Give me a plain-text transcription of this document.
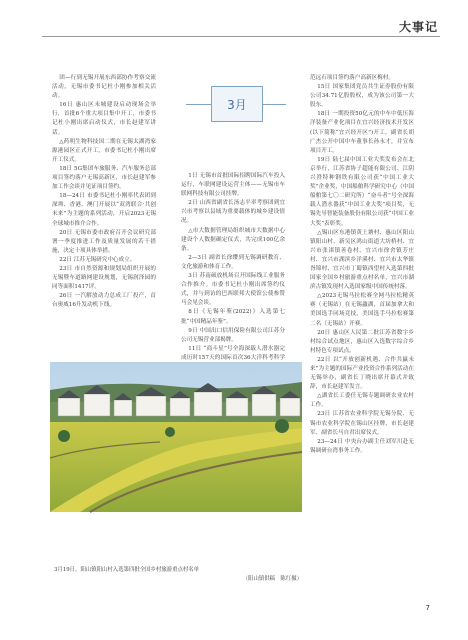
大事记

团—行到无锡开展东西部协作考察交流活动，无锡市委书记杜小刚参加相关活动。

16日 惠山区未城建设启动现场会举行，首批6个重大项目集中开工，市委书记杜小刚出席启动仪式，市长赵建军讲话。

△药明生物科技国二期在无锡太湖湾家源港园区正式开工，市委书记杜小刚出席开工仪式。

18日 5G集团车旅服务、汽车服务总部项目签约落户无锡高新区，市长赵建军参加工作会谈并见证项目签约。

18—24日 市委书记杜小刚率代表团到深圳、香港、澳门开展以“双湾联合·共创未来”为主题的系列活动，开启2023无锡全球城市推介合作。

20日 无锡市委市政府召开会议研究部署一季度推进工作及质量发展的若干措施，决定十项具体举措。

22日 江苏无锡研究中心成立。

23日 市自然资源和规划局组织开展的无锡暨车道路网建设规划，无锡润泽园的同等面积1417评。

26日 一汽解放动力总成工厂投产，首台奥威16升发动机下线。

3月

1日 无锡市首批国际招聘国际汽车投入运行，车联网建设运营主体——无锡市车联网科技有限公司挂牌。

2日 山西省副省长汤志平率考察团到宜兴市考察以县域为重要载体的城乡建设情况。

△市大数据管理局组织城市大数据中心建设个人数据确定仪式，共完成100亿余条。

2—3日 副省长徐缨到无锡调研教育、文化旅游和体育工作。

3日 苏南硕放机场召开国际线工业服务合作推介。市委书记杜小刚出席签约仪式，并与到访的巴西联邦大使馆公使参赞马会见会谈。

8日《无锡年鉴(2022)》入选第七批“中国精品年鉴”。

9日 中国出口信用保险有限公司江苏分公司无锡营业部揭牌。

11日 “商斗星”号全海深载人潜水器完成历时157天的国际首次36大洋科考科学

范远石项目签约落户高新区梅村。

15日 国家集团党员共生证券股份有限公司34.71亿股股权，成为该公司第一大股东。

18日 一期投资50亿元的中车中低压海洋装备产业化项目在宜兴经济技术开发区(以下简称“宜兴经开区”)开工，副省长胡广杰公开中国中车董事长孙永才，并宣布项目开工。

19日 陆七届中国工业大奖发布会在北京举行，江苏省协子超能有限公司、江阴兴澄特种钢铁有限公司获“中国工业大奖”企业奖，中国船舶科学研究中心（中国船舶第七〇二研究所）“奋斗者”号全深海载人潜水器获“中国工业大奖”项目奖，无锡先导智能装备股份有限公司获“中国工业大奖”表彰奖。

△锡山区东港镇黄土塘村、惠山区阳山镇阳山村、新吴区鸿山街道大坊桥村、宜兴市张渚镇善卷村、宜兴市徐舍镇芳庄村、宜兴市湖滨乡洋溪村、宜兴市太华镇胥锦村、宜兴市丁蜀镇西望村入选第四批国家全国乡村旅游重点村名单，宜兴市湖滨古镇发现村入选国家级中国传统村落。

△2023无锡马拉松赛全网马拉松精英赛（无锡站）在无锡蠡湖，首届加拿大和美国选手同场竞技，美国选手马拉松赛第二名（无锡站）开赛。

20日 惠山区人民第二批江苏省数字乡村综合试点地区，惠山区入选数字综合乡村特色专项试点。

22日 以“开放创新机遇、合作共赢未来”为主题的国际产业投资合作系列活动在无锡举办，副省长丁晓出席开幕式并致辞，市长赵建军发言。

△湖省长工委任无锡专题调研农业农村工作。

23日 江苏省农业科学院无锡分院、无锡市农业科学院在锡山区挂牌，市长赵建军、副省长马自君出席仪式。

23—24日 中央台办副主任刘军川赴无锡调研台湾事务工作。

3月19日，阳山镇阳山村入选第四批全国乡村旅游重点村名单
（阳山镇供稿　陈红摄）
7
